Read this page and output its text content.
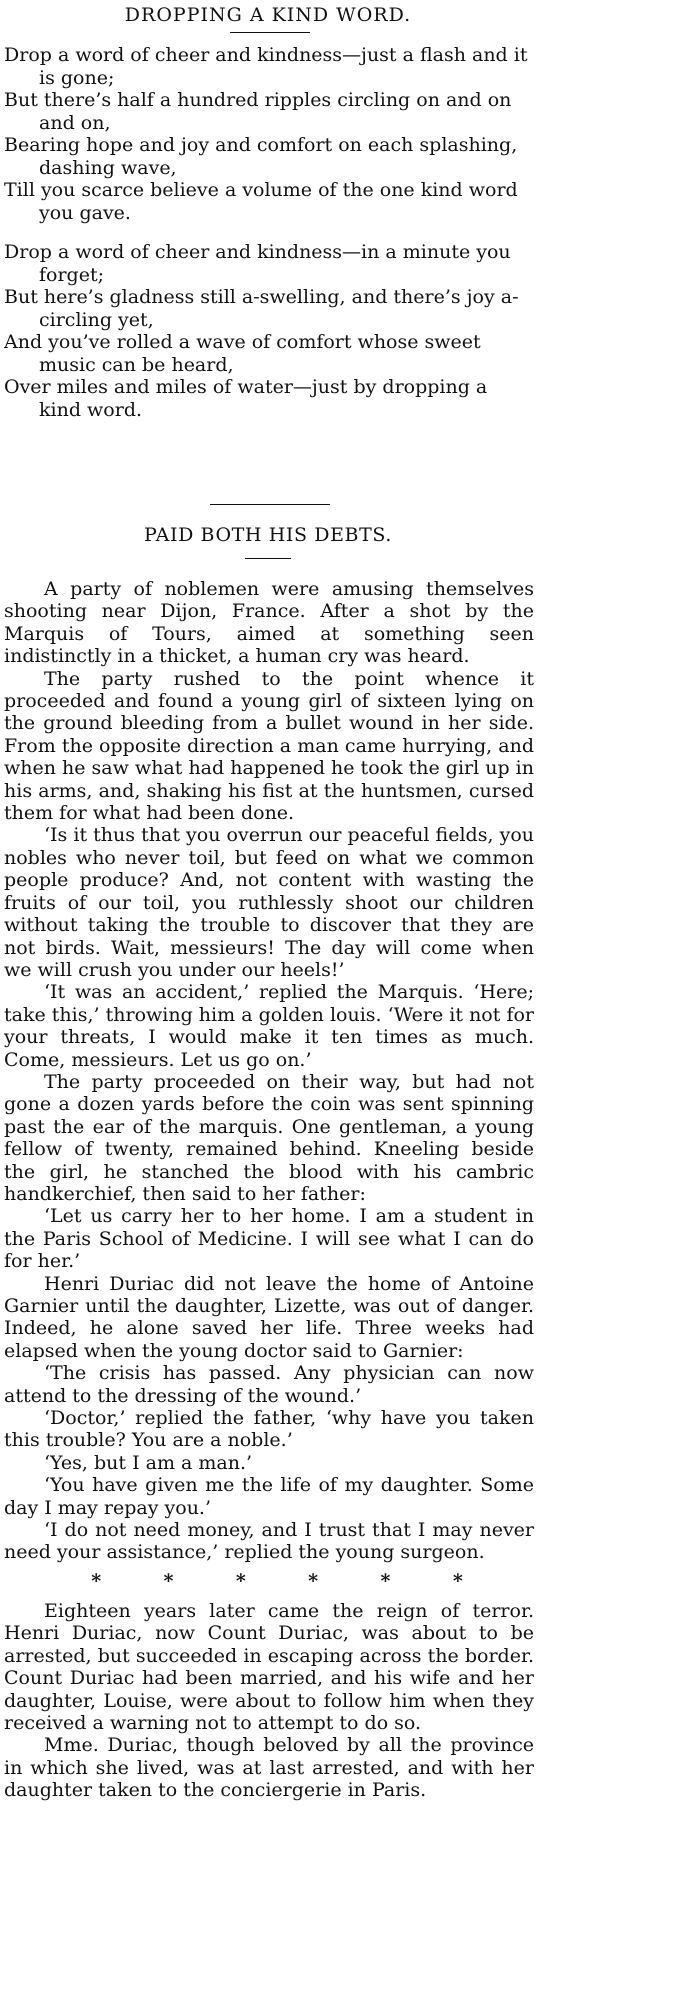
DROPPING A KIND WORD.
Drop a word of cheer and kindness—just a flash and it is gone;
But there’s half a hundred ripples circling on and on and on,
Bearing hope and joy and comfort on each splashing, dashing wave,
Till you scarce believe a volume of the one kind word you gave.
Drop a word of cheer and kindness—in a minute you forget;
But here’s gladness still a-swelling, and there’s joy a-circling yet,
And you’ve rolled a wave of comfort whose sweet music can be heard,
Over miles and miles of water—just by dropping a kind word.
PAID BOTH HIS DEBTS.

A party of noblemen were amusing themselves shooting near Dijon, France. After a shot by the Marquis of Tours, aimed at something seen indistinctly in a thicket, a human cry was heard.

The party rushed to the point whence it proceeded and found a young girl of sixteen lying on the ground bleeding from a bullet wound in her side. From the opposite direction a man came hurrying, and when he saw what had happened he took the girl up in his arms, and, shaking his fist at the huntsmen, cursed them for what had been done.

‘Is it thus that you overrun our peaceful fields, you nobles who never toil, but feed on what we common people produce? And, not content with wasting the fruits of our toil, you ruthlessly shoot our children without taking the trouble to discover that they are not birds. Wait, messieurs! The day will come when we will crush you under our heels!’

‘It was an accident,’ replied the Marquis. ‘Here; take this,’ throwing him a golden louis. ‘Were it not for your threats, I would make it ten times as much. Come, messieurs. Let us go on.’

The party proceeded on their way, but had not gone a dozen yards before the coin was sent spinning past the ear of the marquis. One gentleman, a young fellow of twenty, remained behind. Kneeling beside the girl, he stanched the blood with his cambric handkerchief, then said to her father:

‘Let us carry her to her home. I am a student in the Paris School of Medicine. I will see what I can do for her.’

Henri Duriac did not leave the home of Antoine Garnier until the daughter, Lizette, was out of danger. Indeed, he alone saved her life. Three weeks had elapsed when the young doctor said to Garnier:

‘The crisis has passed. Any physician can now attend to the dressing of the wound.’

‘Doctor,’ replied the father, ‘why have you taken this trouble? You are a noble.’

‘Yes, but I am a man.’

‘You have given me the life of my daughter. Some day I may repay you.’

‘I do not need money, and I trust that I may never need your assistance,’ replied the young surgeon.

*	*	*	*	*	*

Eighteen years later came the reign of terror. Henri Duriac, now Count Duriac, was about to be arrested, but succeeded in escaping across the border. Count Duriac had been married, and his wife and her daughter, Louise, were about to follow him when they received a warning not to attempt to do so.

Mme. Duriac, though beloved by all the province in which she lived, was at last arrested, and with her daughter taken to the conciergerie in Paris.
